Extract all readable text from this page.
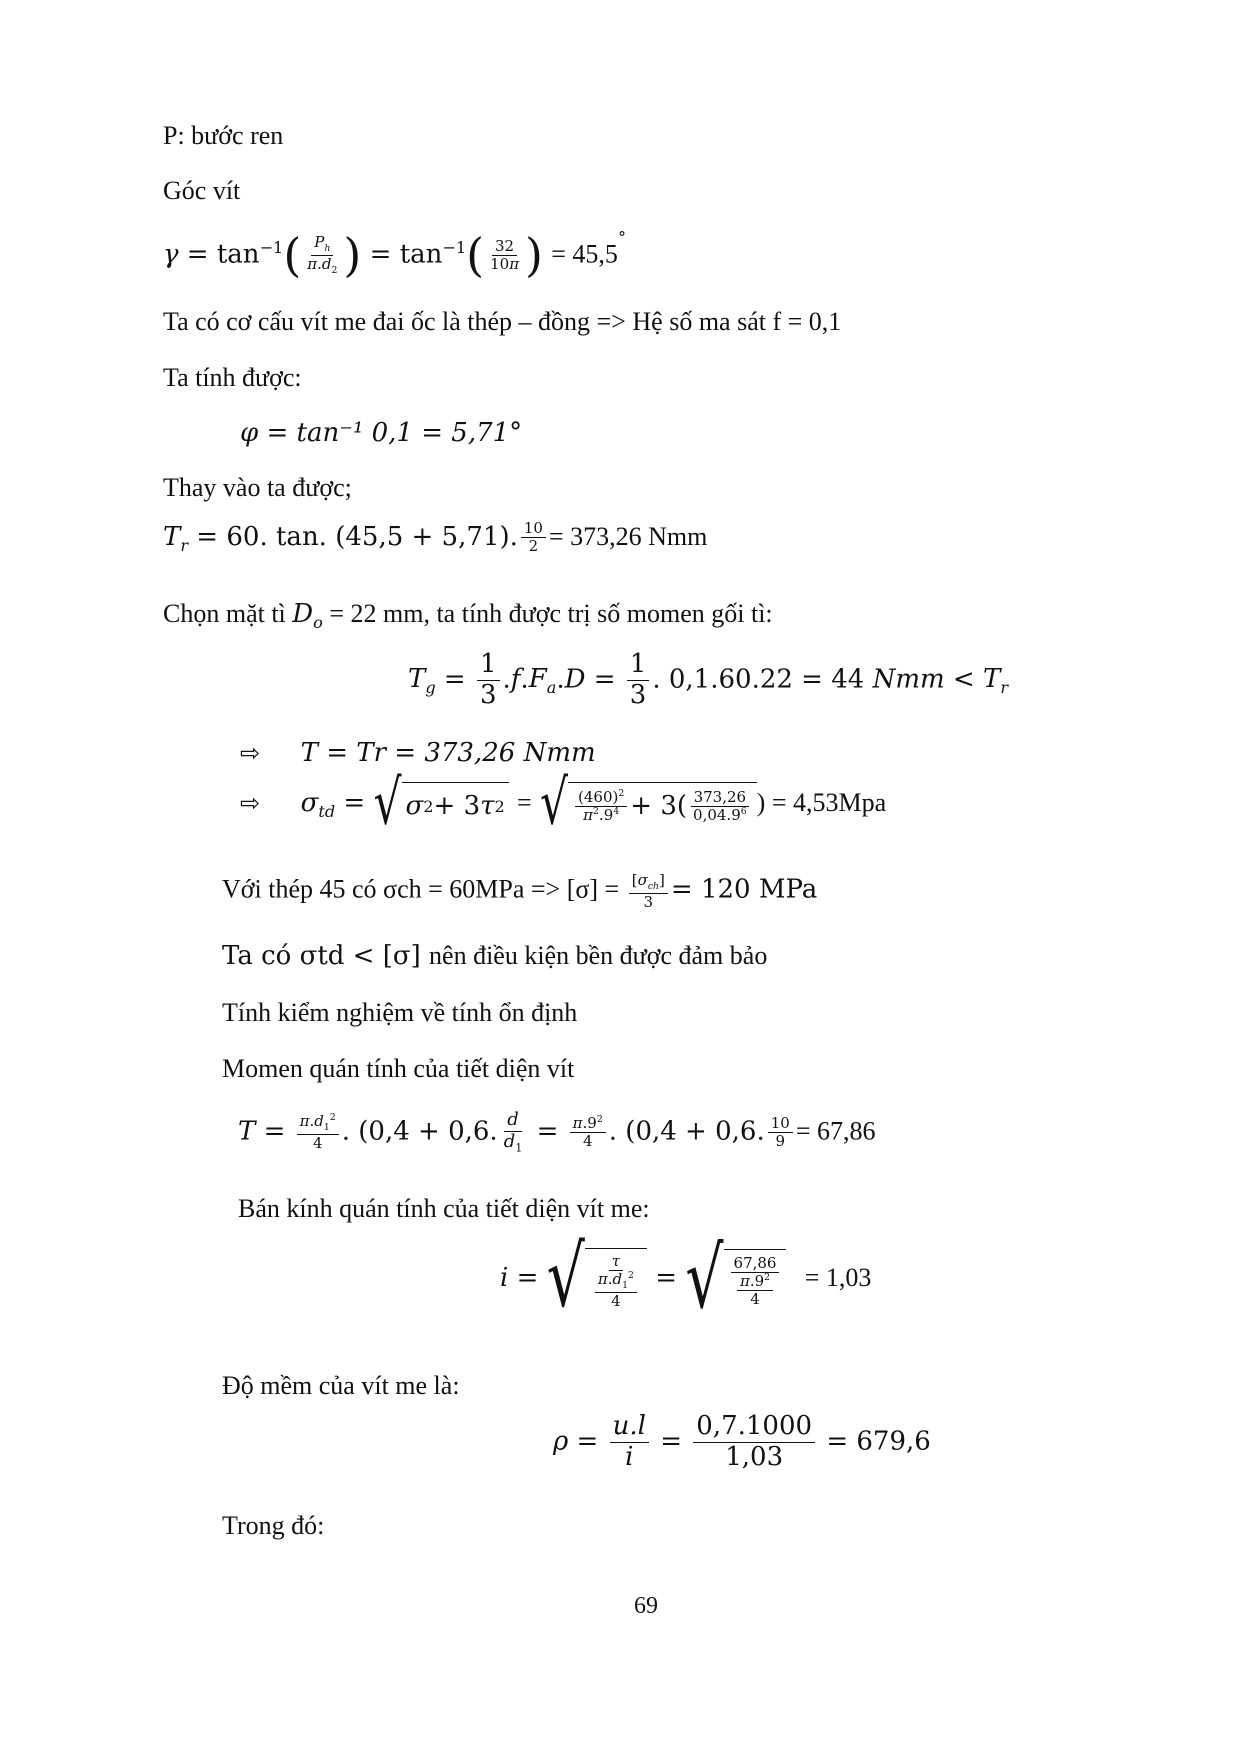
P: bước ren
Góc vít
$\gamma = \tan^{-1}( \frac{P_h}{\pi.d_2}$ ) = $\tan^{-1}( \frac{32}{10\pi}$ ) = 45,5°
Ta có cơ cấu vít me đai ốc là thép – đồng => Hệ số ma sát f = 0,1
Ta tính được:
φ = tan⁻¹ 0,1 = 5,71°
Thay vào ta được;
$T_r = 60$. tan. (45,5 + 5,71). $\frac{10}{2} = 373,26$ Nmm
Chọn mặt tì $D_o = 22$ mm, ta tính được trị số momen gối tì:
$T_g = \frac{1}{3} .f.F_a.D = \frac{1}{3}$ . 0,1.60.22 = 44 Nmm < $T_r$
⇨ T = Tr = 373,26 Nmm
⇨ $\sigma_{td}$ = √ σ 2 + 3 τ 2 = √ $\frac{(460)^2}{\pi^2.9^4} + 3( \frac{373,26}{0,04.9^6}$ ) = 4,53Mpa
Với thép 45 có $\sigma ch = 60MPa => [\sigma] = \frac{[\sigma_{ch}]}{3} = 120$ MPa
Ta có σtd < [σ] nên điều kiện bền được đảm bảo
Tính kiểm nghiệm về tính ổn định
Momen quán tính của tiết diện vít
$T = \frac{\pi.d_1^2}{4}$ . (0,4 + 0,6. $\frac{d}{d_1} = \frac{\pi.9^2}{4}$ . (0,4 + 0,6. $\frac{10}{9} = 67,86$
Bán kính quán tính của tiết diện vít me:
i = √ $\frac{\tau}{\frac{\pi.d_1^2}{4}}$ = √ $\frac{67,86}{\frac{\pi.9^2}{4}} = 1,03$
Độ mềm của vít me là:
$\rho = \frac{u.l}{i} = \frac{0,7.1000}{1,03} = 679,6$
Trong đó:
69
